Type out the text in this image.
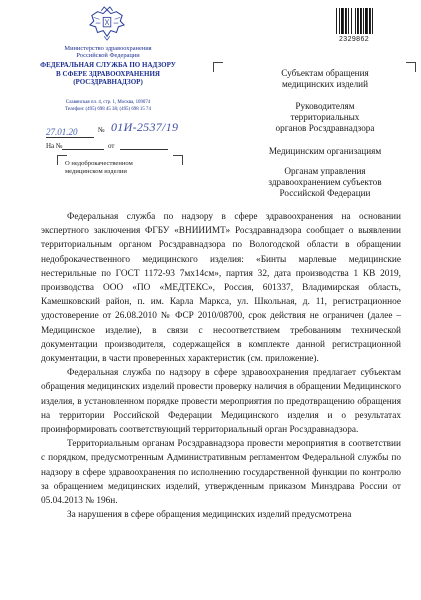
Министерство здравоохранения
Российской Федерации
ФЕДЕРАЛЬНАЯ СЛУЖБА ПО НАДЗОРУ
В СФЕРЕ ЗДРАВООХРАНЕНИЯ
(РОСЗДРАВНАДЗОР)
Славянская пл. 4, стр. 1, Москва, 109074
Телефон: (495) 698 45 38; (495) 698 15 74
27.01.20	№ 01И-2537/19
На №	от
О недоброкачественном
медицинском изделии
2329862
Субъектам обращения
медицинских изделий
Руководителям
территориальных
органов Росздравнадзора
Медицинским организациям
Органам управления
здравоохранением субъектов
Российской Федерации

Федеральная служба по надзору в сфере здравоохранения на основании экспертного заключения ФГБУ «ВНИИИМТ» Росздравнадзора сообщает о выявлении территориальным органом Росздравнадзора по Вологодской области в обращении недоброкачественного медицинского изделия: «Бинты марлевые медицинские нестерильные по ГОСТ 1172-93 7мх14см», партия 32, дата производства 1 КВ 2019, производства ООО «ПО «МЕДТЕКС», Россия, 601337, Владимирская область, Камешковский район, п. им. Карла Маркса, ул. Школьная, д. 11, регистрационное удостоверение от 26.08.2010 № ФСР 2010/08700, срок действия не ограничен (далее – Медицинское изделие), в связи с несоответствием требованиям технической документации производителя, содержащейся в комплекте данной регистрационной документации, в части проверенных характеристик (см. приложение).

Федеральная служба по надзору в сфере здравоохранения предлагает субъектам обращения медицинских изделий провести проверку наличия в обращении Медицинского изделия, в установленном порядке провести мероприятия по предотвращению обращения на территории Российской Федерации Медицинского изделия и о результатах проинформировать соответствующий территориальный орган Росздравнадзора.

Территориальным органам Росздравнадзора провести мероприятия в соответствии с порядком, предусмотренным Административным регламентом Федеральной службы по надзору в сфере здравоохранения по исполнению государственной функции по контролю за обращением медицинских изделий, утвержденным приказом Минздрава России от 05.04.2013 № 196н.

За нарушения в сфере обращения медицинских изделий предусмотрена
